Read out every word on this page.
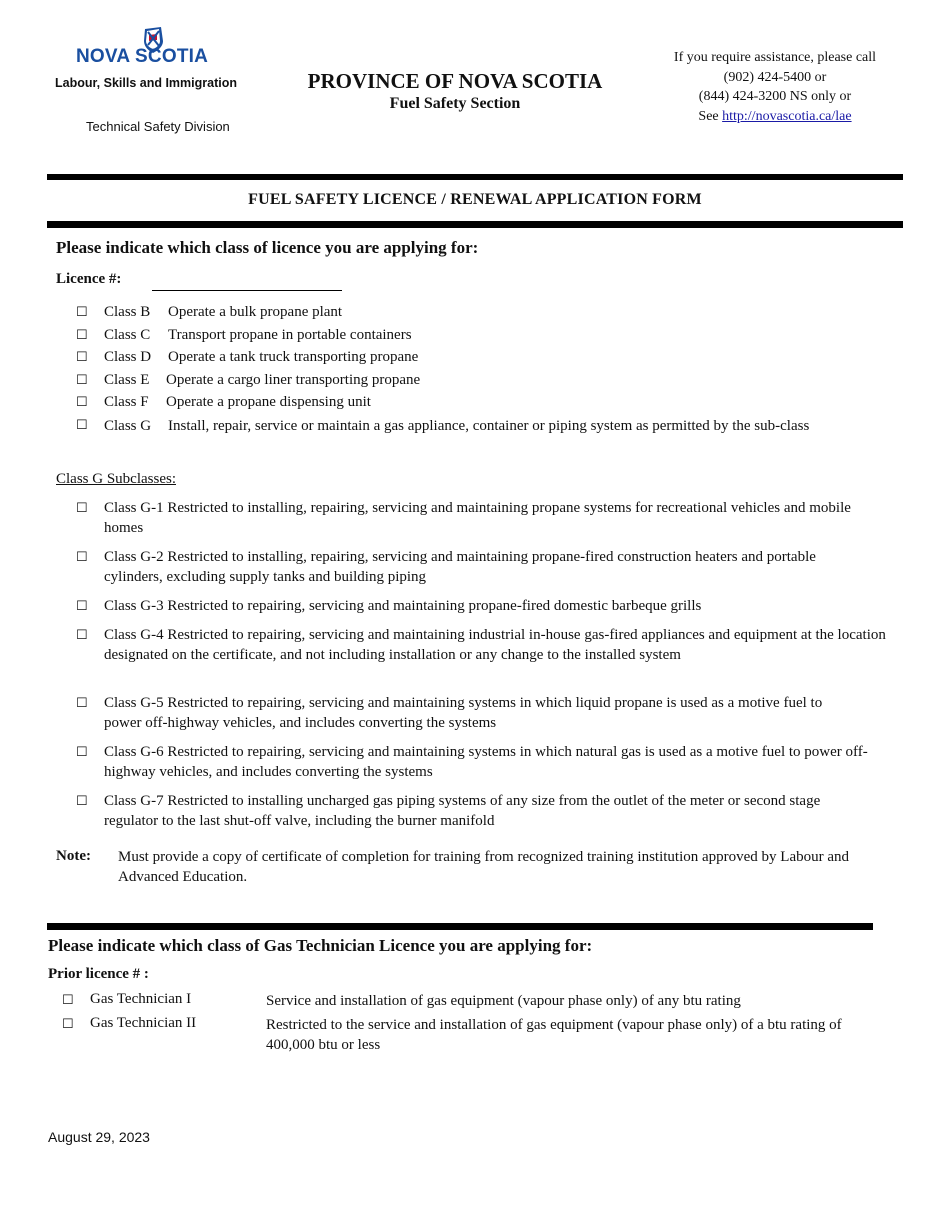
NOVA SCOTIA
Labour, Skills and Immigration
Technical Safety Division
PROVINCE OF NOVA SCOTIA
Fuel Safety Section
If you require assistance, please call
(902) 424-5400 or
(844) 424-3200 NS only or
See http://novascotia.ca/lae
FUEL SAFETY LICENCE / RENEWAL APPLICATION FORM
Please indicate which class of licence you are applying for:
Licence #:
☐ Class B Operate a bulk propane plant
☐ Class C Transport propane in portable containers
☐ Class D Operate a tank truck transporting propane
☐ Class E Operate a cargo liner transporting propane
☐ Class F Operate a propane dispensing unit
☐ Class G Install, repair, service or maintain a gas appliance, container or piping system as permitted by the sub-class
Class G Subclasses:
☐ Class G-1 Restricted to installing, repairing, servicing and maintaining propane systems for recreational vehicles and mobile homes
☐ Class G-2 Restricted to installing, repairing, servicing and maintaining propane-fired construction heaters and portable cylinders, excluding supply tanks and building piping
☐ Class G-3 Restricted to repairing, servicing and maintaining propane-fired domestic barbeque grills
☐ Class G-4 Restricted to repairing, servicing and maintaining industrial in-house gas-fired appliances and equipment at the location designated on the certificate, and not including installation or any change to the installed system
☐ Class G-5 Restricted to repairing, servicing and maintaining systems in which liquid propane is used as a motive fuel to power off-highway vehicles, and includes converting the systems
☐ Class G-6 Restricted to repairing, servicing and maintaining systems in which natural gas is used as a motive fuel to power off-highway vehicles, and includes converting the systems
☐ Class G-7 Restricted to installing uncharged gas piping systems of any size from the outlet of the meter or second stage regulator to the last shut-off valve, including the burner manifold
Note: Must provide a copy of certificate of completion for training from recognized training institution approved by Labour and Advanced Education.
Please indicate which class of Gas Technician Licence you are applying for:
Prior licence # :
☐ Gas Technician I	Service and installation of gas equipment (vapour phase only) of any btu rating
☐ Gas Technician II	Restricted to the service and installation of gas equipment (vapour phase only) of a btu rating of 400,000 btu or less
August 29, 2023
